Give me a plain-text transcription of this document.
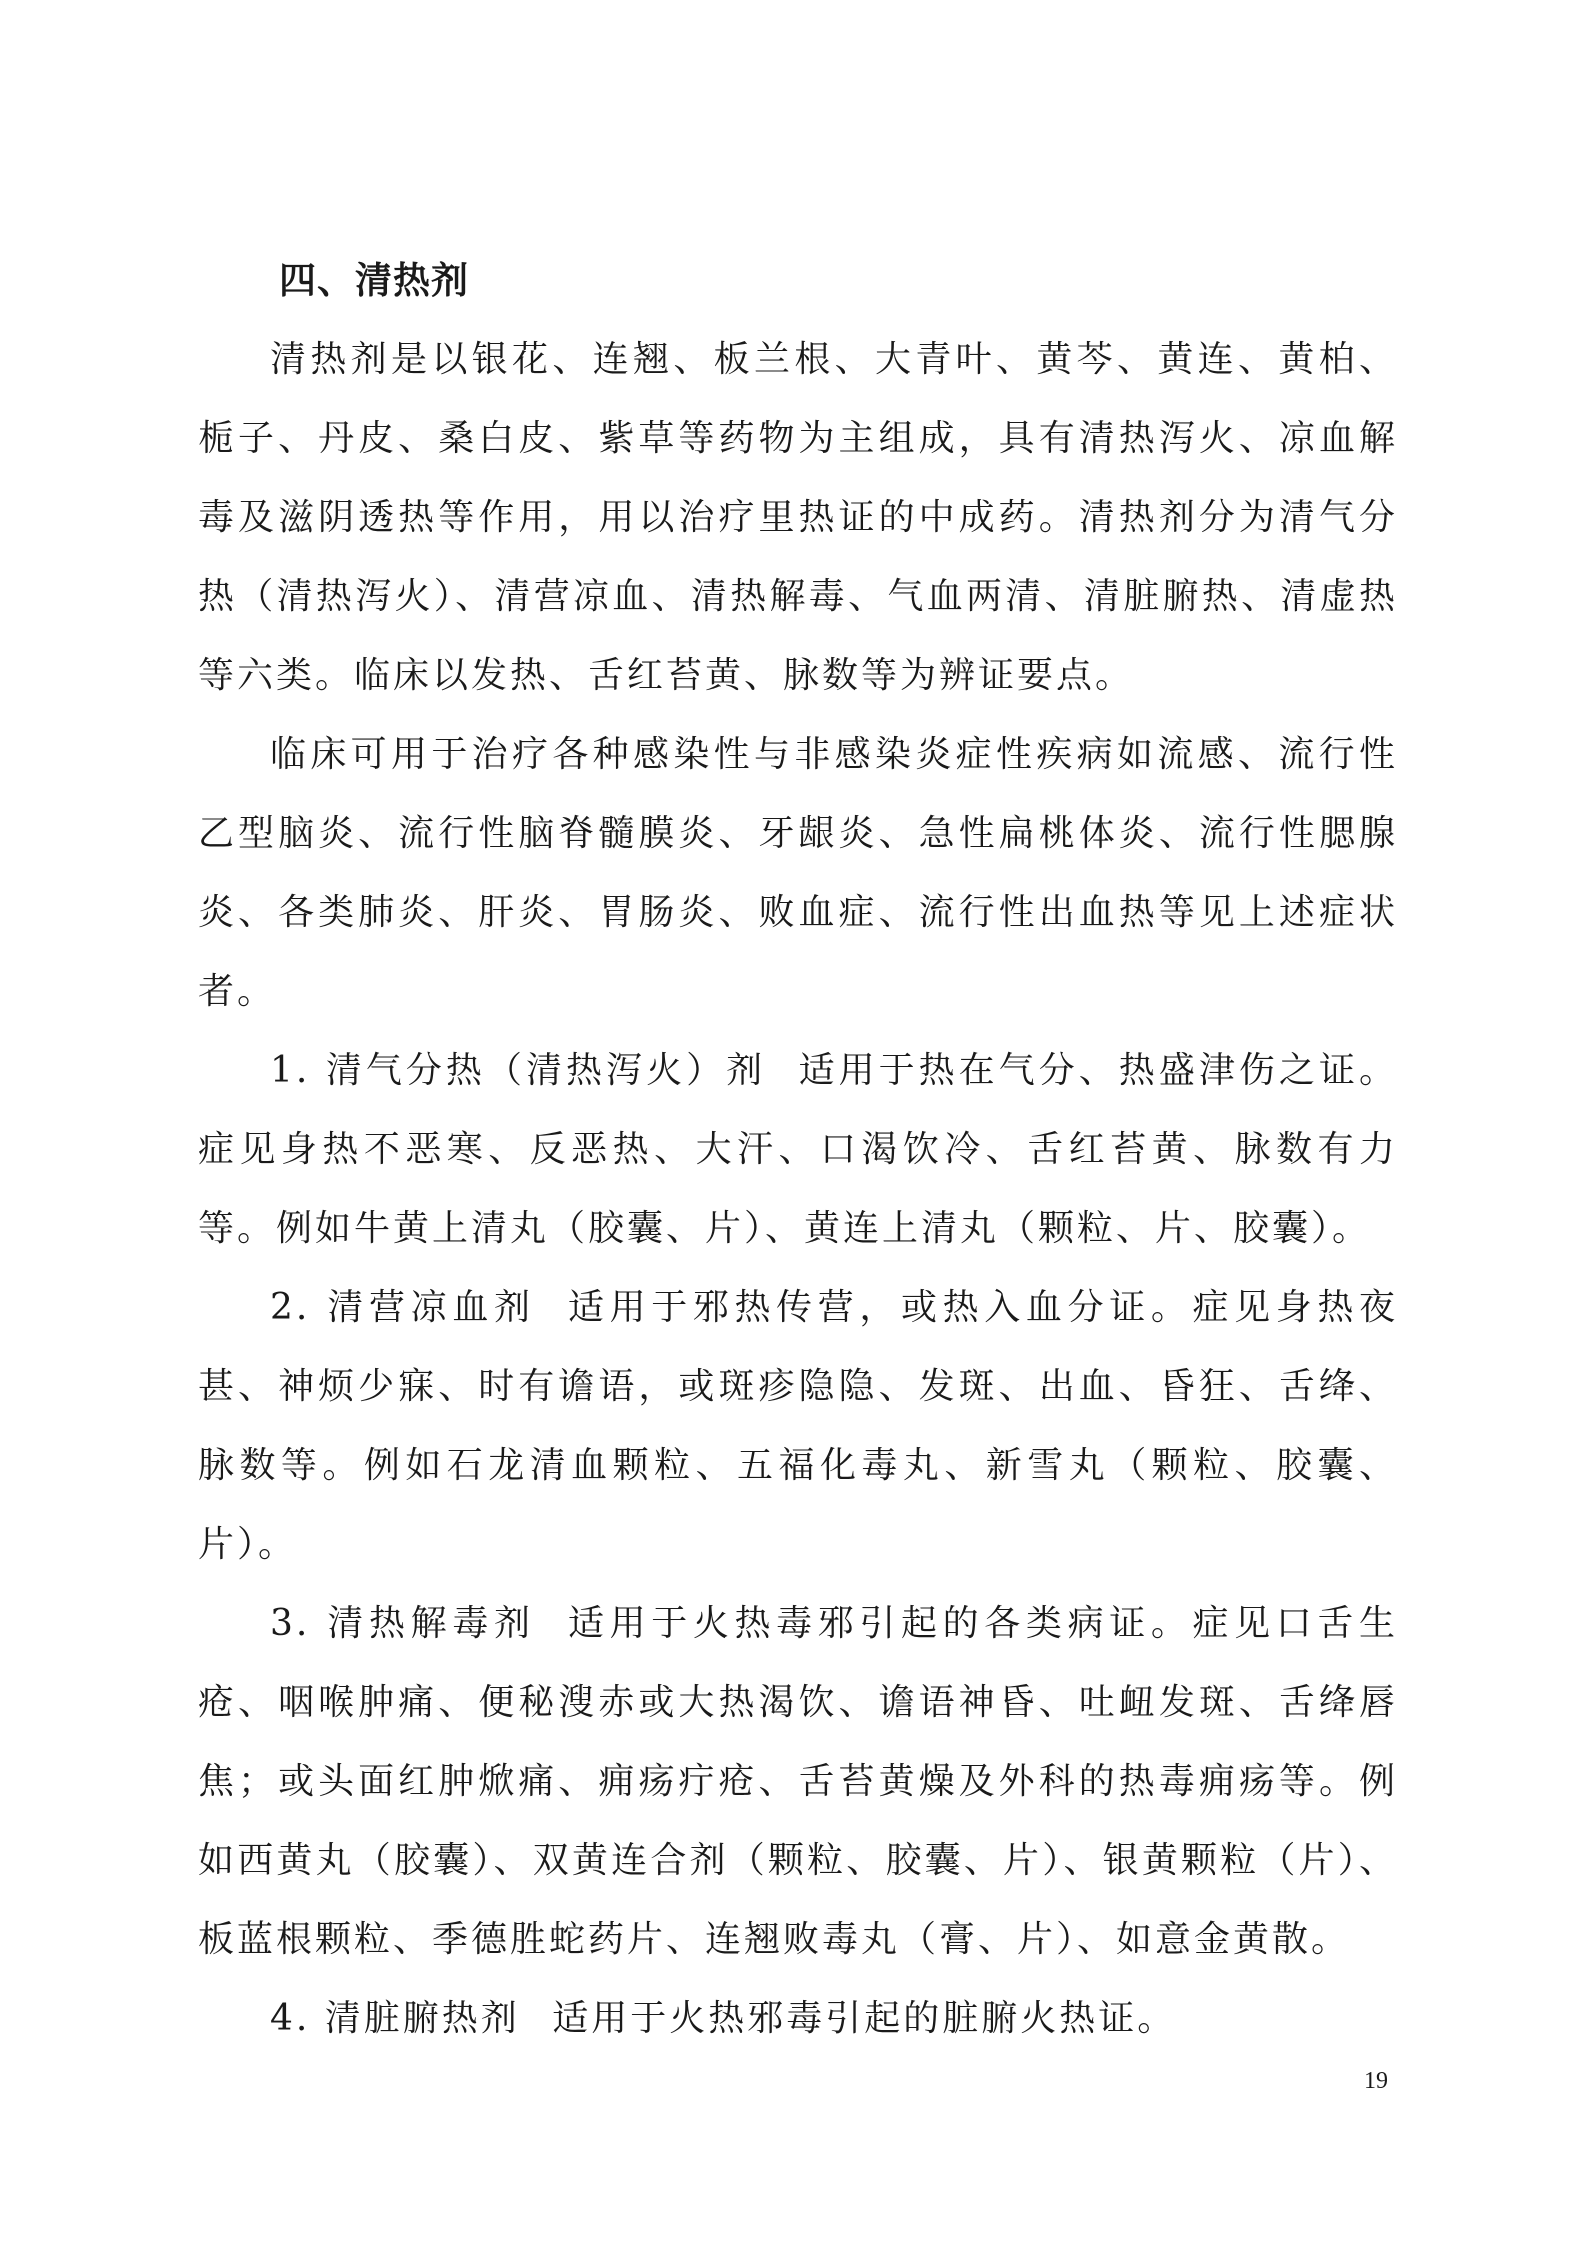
四、清热剂

清热剂是以银花、连翘、板兰根、大青叶、黄芩、黄连、黄柏、栀子、丹皮、桑白皮、紫草等药物为主组成，具有清热泻火、凉血解毒及滋阴透热等作用，用以治疗里热证的中成药。清热剂分为清气分热（清热泻火）、清营凉血、清热解毒、气血两清、清脏腑热、清虚热等六类。临床以发热、舌红苔黄、脉数等为辨证要点。

临床可用于治疗各种感染性与非感染炎症性疾病如流感、流行性乙型脑炎、流行性脑脊髓膜炎、牙龈炎、急性扁桃体炎、流行性腮腺炎、各类肺炎、肝炎、胃肠炎、败血症、流行性出血热等见上述症状者。

1. 清气分热（清热泻火）剂 适用于热在气分、热盛津伤之证。症见身热不恶寒、反恶热、大汗、口渴饮冷、舌红苔黄、脉数有力等。例如牛黄上清丸（胶囊、片）、黄连上清丸（颗粒、片、胶囊）。

2. 清营凉血剂 适用于邪热传营，或热入血分证。症见身热夜甚、神烦少寐、时有谵语，或斑疹隐隐、发斑、出血、昏狂、舌绛、脉数等。例如石龙清血颗粒、五福化毒丸、新雪丸（颗粒、胶囊、片）。

3. 清热解毒剂 适用于火热毒邪引起的各类病证。症见口舌生疮、咽喉肿痛、便秘溲赤或大热渴饮、谵语神昏、吐衄发斑、舌绛唇焦；或头面红肿焮痛、痈疡疔疮、舌苔黄燥及外科的热毒痈疡等。例如西黄丸（胶囊）、双黄连合剂（颗粒、胶囊、片）、银黄颗粒（片）、板蓝根颗粒、季德胜蛇药片、连翘败毒丸（膏、片）、如意金黄散。

4. 清脏腑热剂 适用于火热邪毒引起的脏腑火热证。

19
